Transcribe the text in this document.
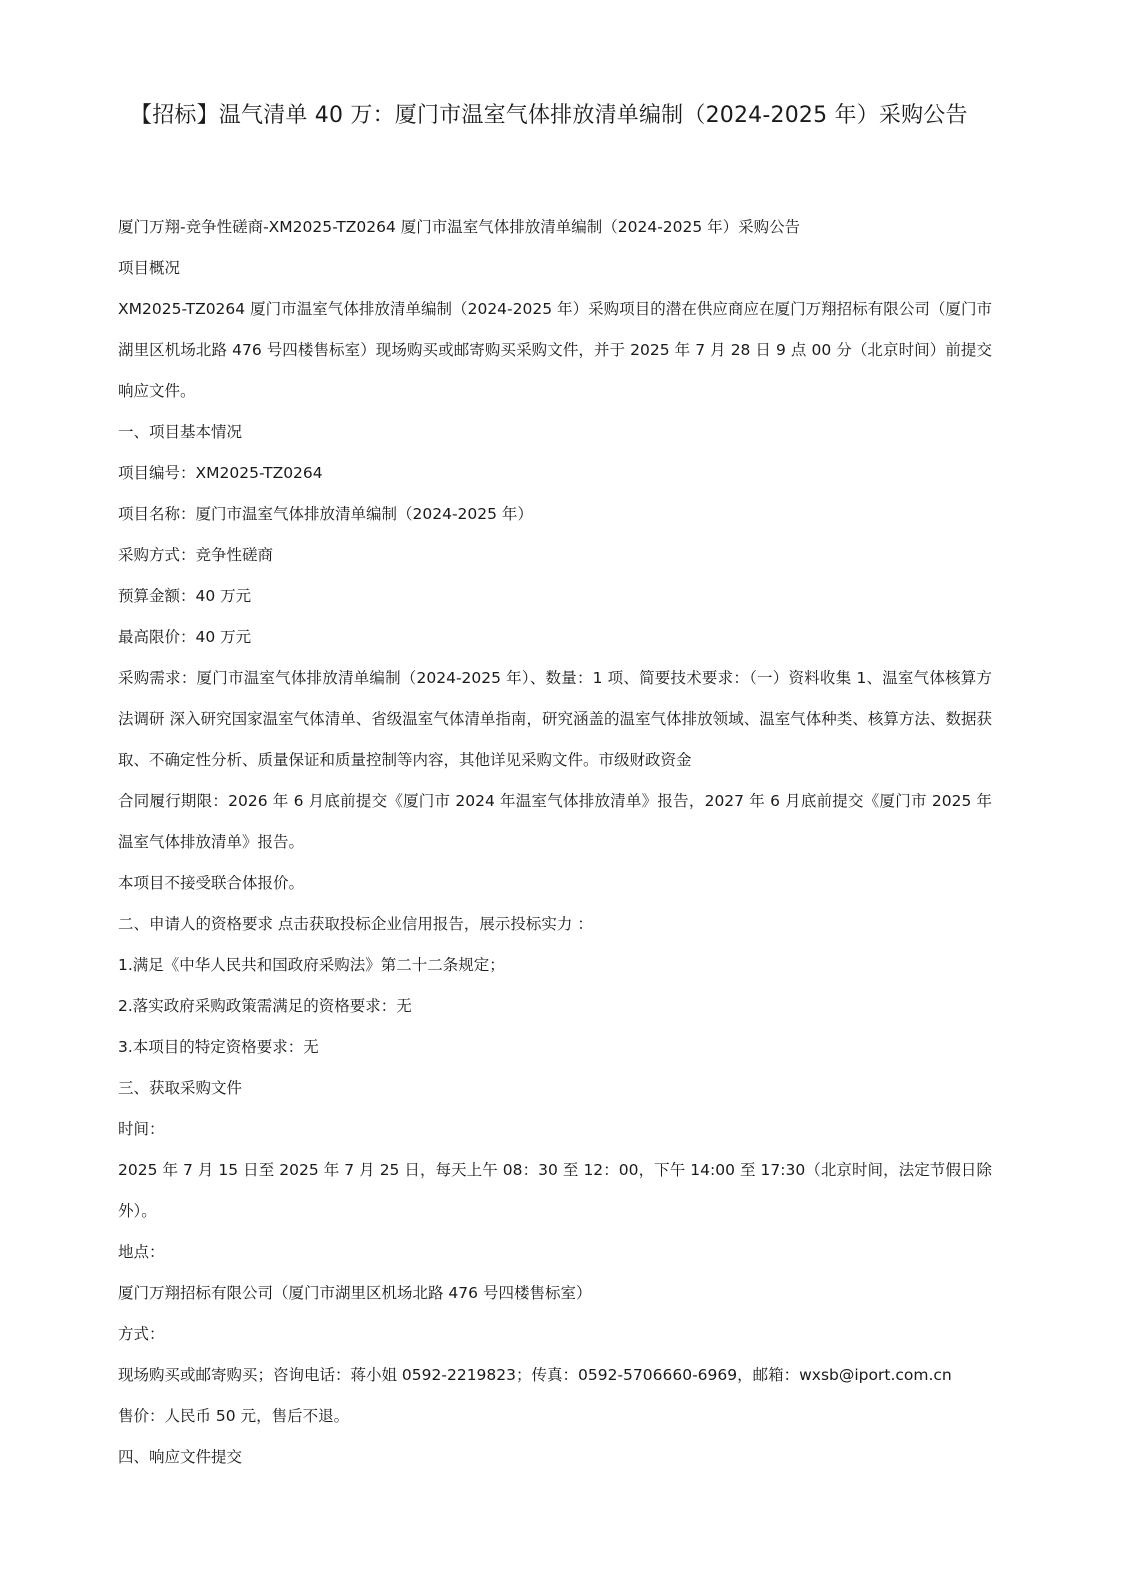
【招标】温气清单 40 万：厦门市温室气体排放清单编制（2024-2025 年）采购公告

厦门万翔-竞争性磋商-XM2025-TZ0264 厦门市温室气体排放清单编制（2024-2025 年）采购公告

项目概况

XM2025-TZ0264 厦门市温室气体排放清单编制（2024-2025 年）采购项目的潜在供应商应在厦门万翔招标有限公司（厦门市湖里区机场北路 476 号四楼售标室）现场购买或邮寄购买采购文件，并于 2025 年 7 月 28 日 9 点 00 分（北京时间）前提交响应文件。

一、项目基本情况

项目编号：XM2025-TZ0264

项目名称：厦门市温室气体排放清单编制（2024-2025 年）

采购方式：竞争性磋商

预算金额：40 万元

最高限价：40 万元

采购需求：厦门市温室气体排放清单编制（2024-2025 年）、数量：1 项、简要技术要求：（一）资料收集 1、温室气体核算方法调研 深入研究国家温室气体清单、省级温室气体清单指南，研究涵盖的温室气体排放领域、温室气体种类、核算方法、数据获取、不确定性分析、质量保证和质量控制等内容，其他详见采购文件。市级财政资金

合同履行期限：2026 年 6 月底前提交《厦门市 2024 年温室气体排放清单》报告，2027 年 6 月底前提交《厦门市 2025 年温室气体排放清单》报告。

本项目不接受联合体报价。

二、申请人的资格要求 点击获取投标企业信用报告，展示投标实力 ：

1.满足《中华人民共和国政府采购法》第二十二条规定；

2.落实政府采购政策需满足的资格要求：无

3.本项目的特定资格要求：无

三、获取采购文件

时间：

2025 年 7 月 15 日至 2025 年 7 月 25 日，每天上午 08：30 至 12：00，下午 14:00 至 17:30（北京时间，法定节假日除外）。

地点：

厦门万翔招标有限公司（厦门市湖里区机场北路 476 号四楼售标室）

方式：

现场购买或邮寄购买；咨询电话：蒋小姐 0592-2219823；传真：0592-5706660-6969，邮箱：wxsb@iport.com.cn

售价：人民币 50 元，售后不退。

四、响应文件提交
